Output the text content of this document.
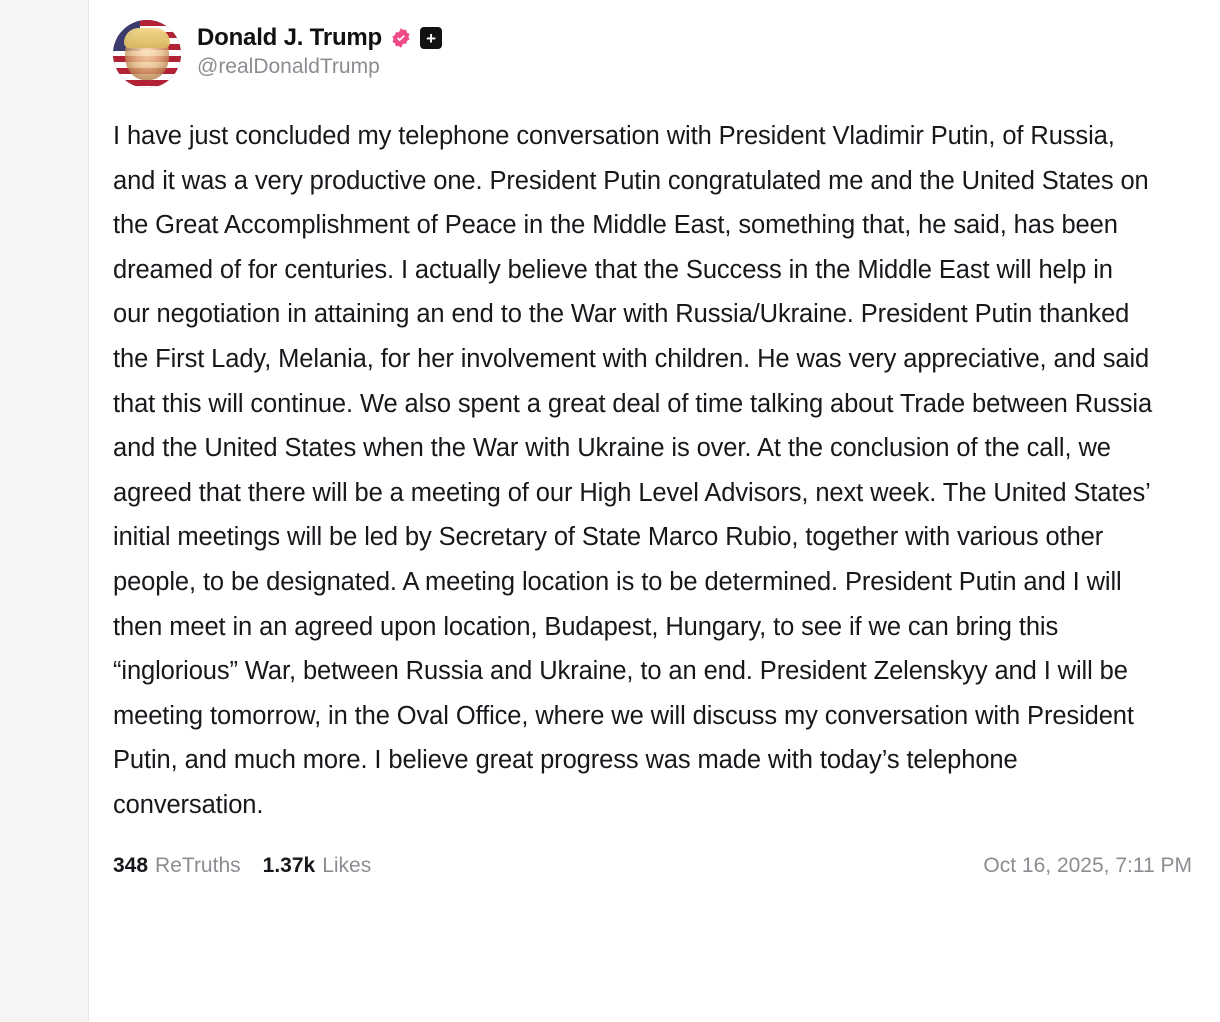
Donald J. Trump	+
@realDonaldTrump
I have just concluded my telephone conversation with President Vladimir Putin, of Russia, and it was a very productive one. President Putin congratulated me and the United States on the Great Accomplishment of Peace in the Middle East, something that, he said, has been dreamed of for centuries. I actually believe that the Success in the Middle East will help in our negotiation in attaining an end to the War with Russia/Ukraine. President Putin thanked the First Lady, Melania, for her involvement with children. He was very appreciative, and said that this will continue. We also spent a great deal of time talking about Trade between Russia and the United States when the War with Ukraine is over. At the conclusion of the call, we agreed that there will be a meeting of our High Level Advisors, next week. The United States’ initial meetings will be led by Secretary of State Marco Rubio, together with various other people, to be designated. A meeting location is to be determined. President Putin and I will then meet in an agreed upon location, Budapest, Hungary, to see if we can bring this “inglorious” War, between Russia and Ukraine, to an end. President Zelenskyy and I will be meeting tomorrow, in the Oval Office, where we will discuss my conversation with President Putin, and much more. I believe great progress was made with today’s telephone conversation.
348 ReTruths 1.37k Likes	Oct 16, 2025, 7:11 PM
